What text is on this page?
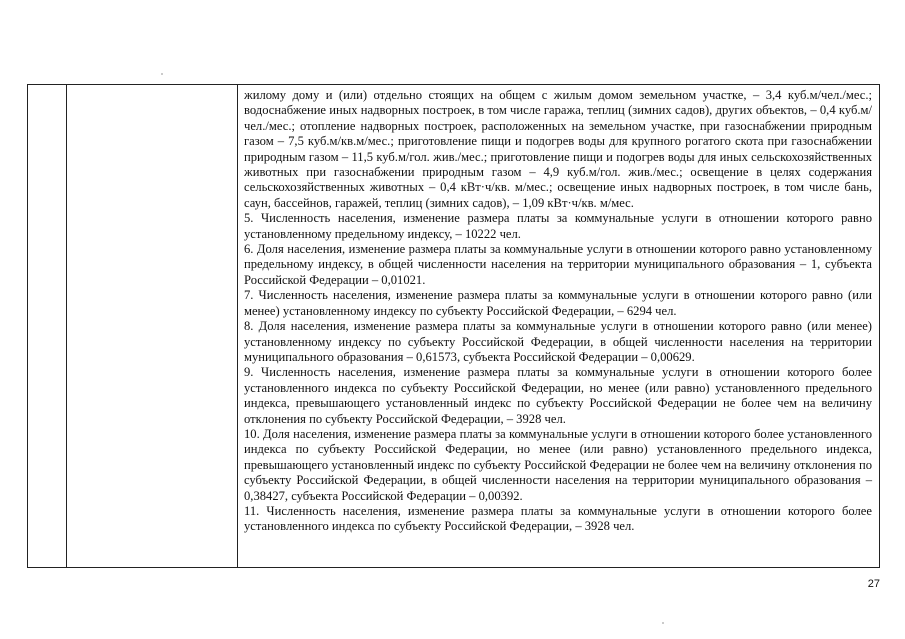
жилому дому и (или) отдельно стоящих на общем с жилым домом земельном участке, – 3,4 куб.м/чел./мес.; водоснабжение иных надворных построек, в том числе гаража, теплиц (зимних садов), других объектов, – 0,4 куб.м/чел./мес.; отопление надворных построек, расположенных на земельном участке, при газоснабжении природным газом – 7,5 куб.м/кв.м/мес.; приготовление пищи и подогрев воды для крупного рогатого скота при газоснабжении природным газом – 11,5 куб.м/гол. жив./мес.; приготовление пищи и подогрев воды для иных сельскохозяйственных животных при газоснабжении природным газом – 4,9 куб.м/гол. жив./мес.; освещение в целях содержания сельскохозяйственных животных – 0,4 кВт·ч/кв. м/мес.; освещение иных надворных построек, в том числе бань, саун, бассейнов, гаражей, теплиц (зимних садов), – 1,09 кВт·ч/кв. м/мес.

5. Численность населения, изменение размера платы за коммунальные услуги в отношении которого равно установленному предельному индексу, – 10222 чел.

6. Доля населения, изменение размера платы за коммунальные услуги в отношении которого равно установленному предельному индексу, в общей численности населения на территории муниципального образования – 1, субъекта Российской Федерации – 0,01021.

7. Численность населения, изменение размера платы за коммунальные услуги в отношении которого равно (или менее) установленному индексу по субъекту Российской Федерации, – 6294 чел.

8. Доля населения, изменение размера платы за коммунальные услуги в отношении которого равно (или менее) установленному индексу по субъекту Российской Федерации, в общей численности населения на территории муниципального образования – 0,61573, субъекта Российской Федерации – 0,00629.

9. Численность населения, изменение размера платы за коммунальные услуги в отношении которого более установленного индекса по субъекту Российской Федерации, но менее (или равно) установленного предельного индекса, превышающего установленный индекс по субъекту Российской Федерации не более чем на величину отклонения по субъекту Российской Федерации, – 3928 чел.

10. Доля населения, изменение размера платы за коммунальные услуги в отношении которого более установленного индекса по субъекту Российской Федерации, но менее (или равно) установленного предельного индекса, превышающего установленный индекс по субъекту Российской Федерации не более чем на величину отклонения по субъекту Российской Федерации, в общей численности населения на территории муниципального образования – 0,38427, субъекта Российской Федерации – 0,00392.

11. Численность населения, изменение размера платы за коммунальные услуги в отношении которого более установленного индекса по субъекту Российской Федерации, – 3928 чел.

27
